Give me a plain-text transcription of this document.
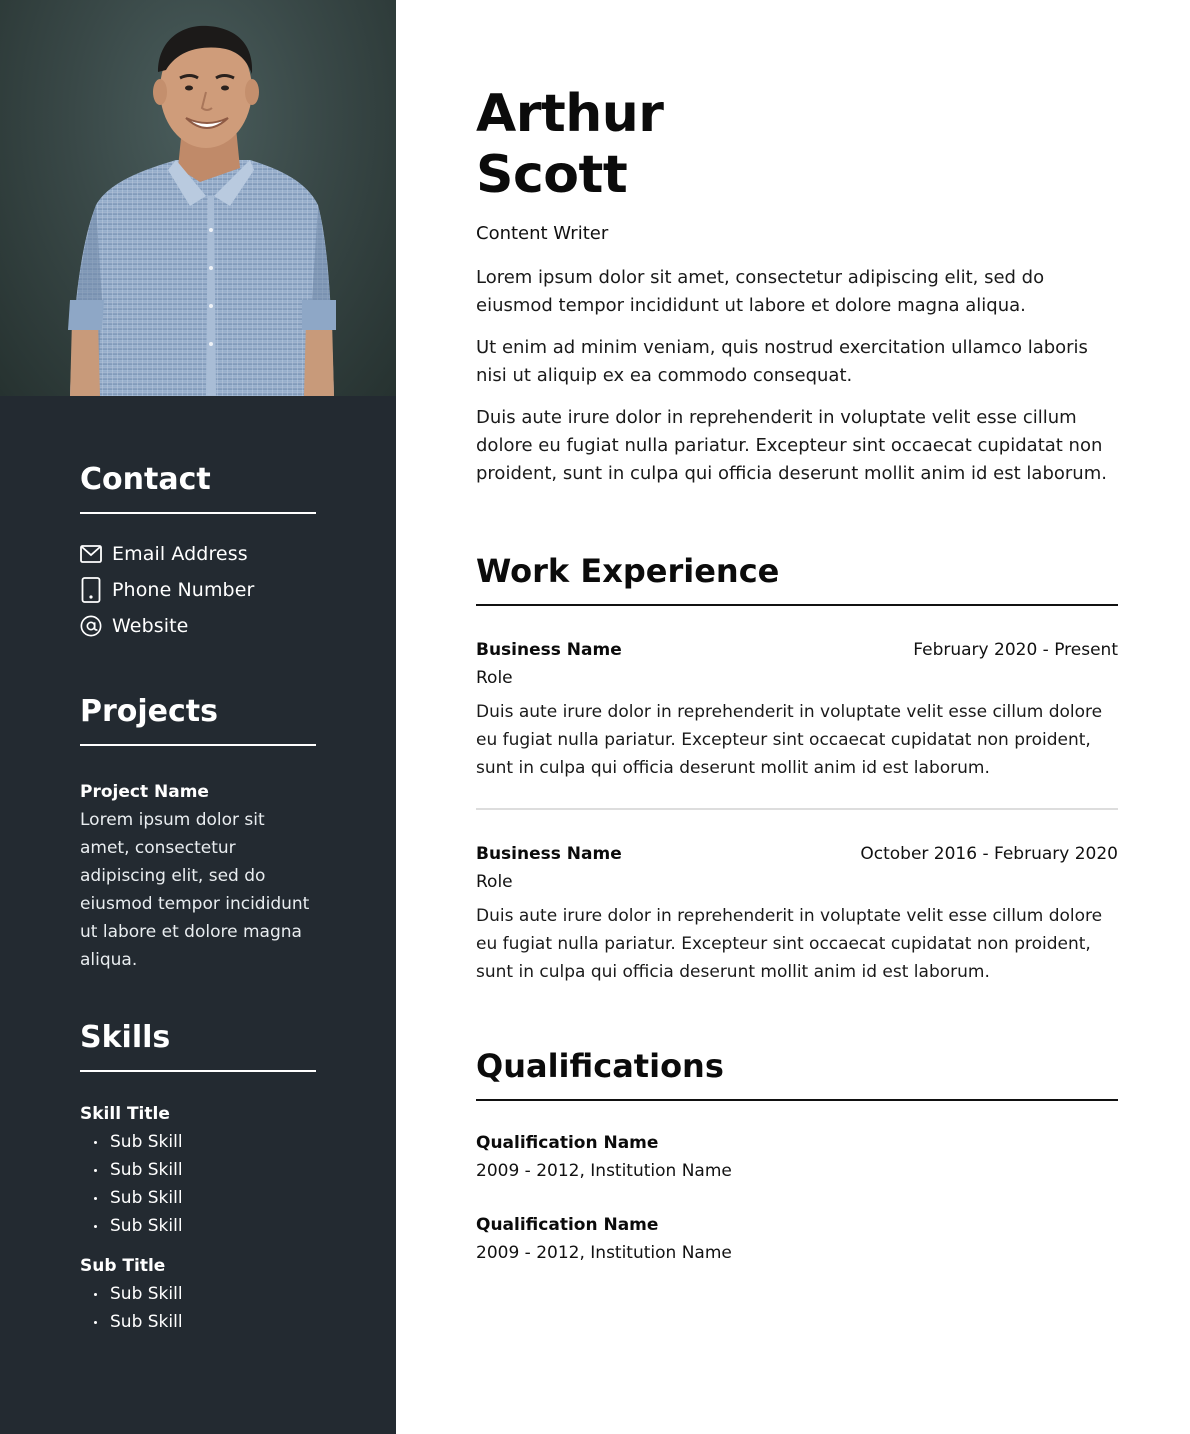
Contact
Email Address
Phone Number
Website
Projects
Project Name

Lorem ipsum dolor sit amet, consectetur adipiscing elit, sed do eiusmod tempor incididunt ut labore et dolore magna aliqua.

Skills
Skill Title
Sub Skill
Sub Skill
Sub Skill
Sub Skill
Sub Title
Sub Skill
Sub Skill
Arthur
Scott
Content Writer

Lorem ipsum dolor sit amet, consectetur adipiscing elit, sed do eiusmod tempor incididunt ut labore et dolore magna aliqua.

Ut enim ad minim veniam, quis nostrud exercitation ullamco laboris nisi ut aliquip ex ea commodo consequat.

Duis aute irure dolor in reprehenderit in voluptate velit esse cillum dolore eu fugiat nulla pariatur. Excepteur sint occaecat cupidatat non proident, sunt in culpa qui officia deserunt mollit anim id est laborum.

Work Experience
Business Name	February 2020 - Present
Role

Duis aute irure dolor in reprehenderit in voluptate velit esse cillum dolore eu fugiat nulla pariatur. Excepteur sint occaecat cupidatat non proident, sunt in culpa qui officia deserunt mollit anim id est laborum.

Business Name	October 2016 - February 2020
Role

Duis aute irure dolor in reprehenderit in voluptate velit esse cillum dolore eu fugiat nulla pariatur. Excepteur sint occaecat cupidatat non proident, sunt in culpa qui officia deserunt mollit anim id est laborum.

Qualifications
Qualification Name
2009 - 2012, Institution Name
Qualification Name
2009 - 2012, Institution Name
